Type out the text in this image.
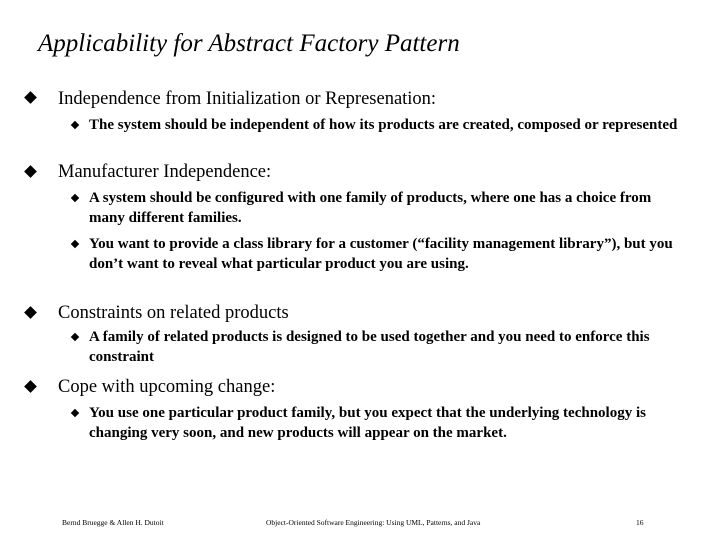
Applicability for Abstract Factory Pattern
Independence from Initialization or Represenation:
The system should be independent of how its products are created, composed or represented
Manufacturer Independence:
A system should be configured with one family of products, where one has a choice from many different families.
You want to provide a class library for a customer (“facility management library”), but you don’t want to reveal what particular product you are using.
Constraints on related products
A family of related products is designed to be used together and you need to enforce this constraint
Cope with upcoming change:
You use one particular product family, but you expect that the underlying technology is changing very soon, and new products will appear on the market.
Bernd Bruegge & Allen H. Dutoit	Object-Oriented Software Engineering: Using UML, Patterns, and Java	16
